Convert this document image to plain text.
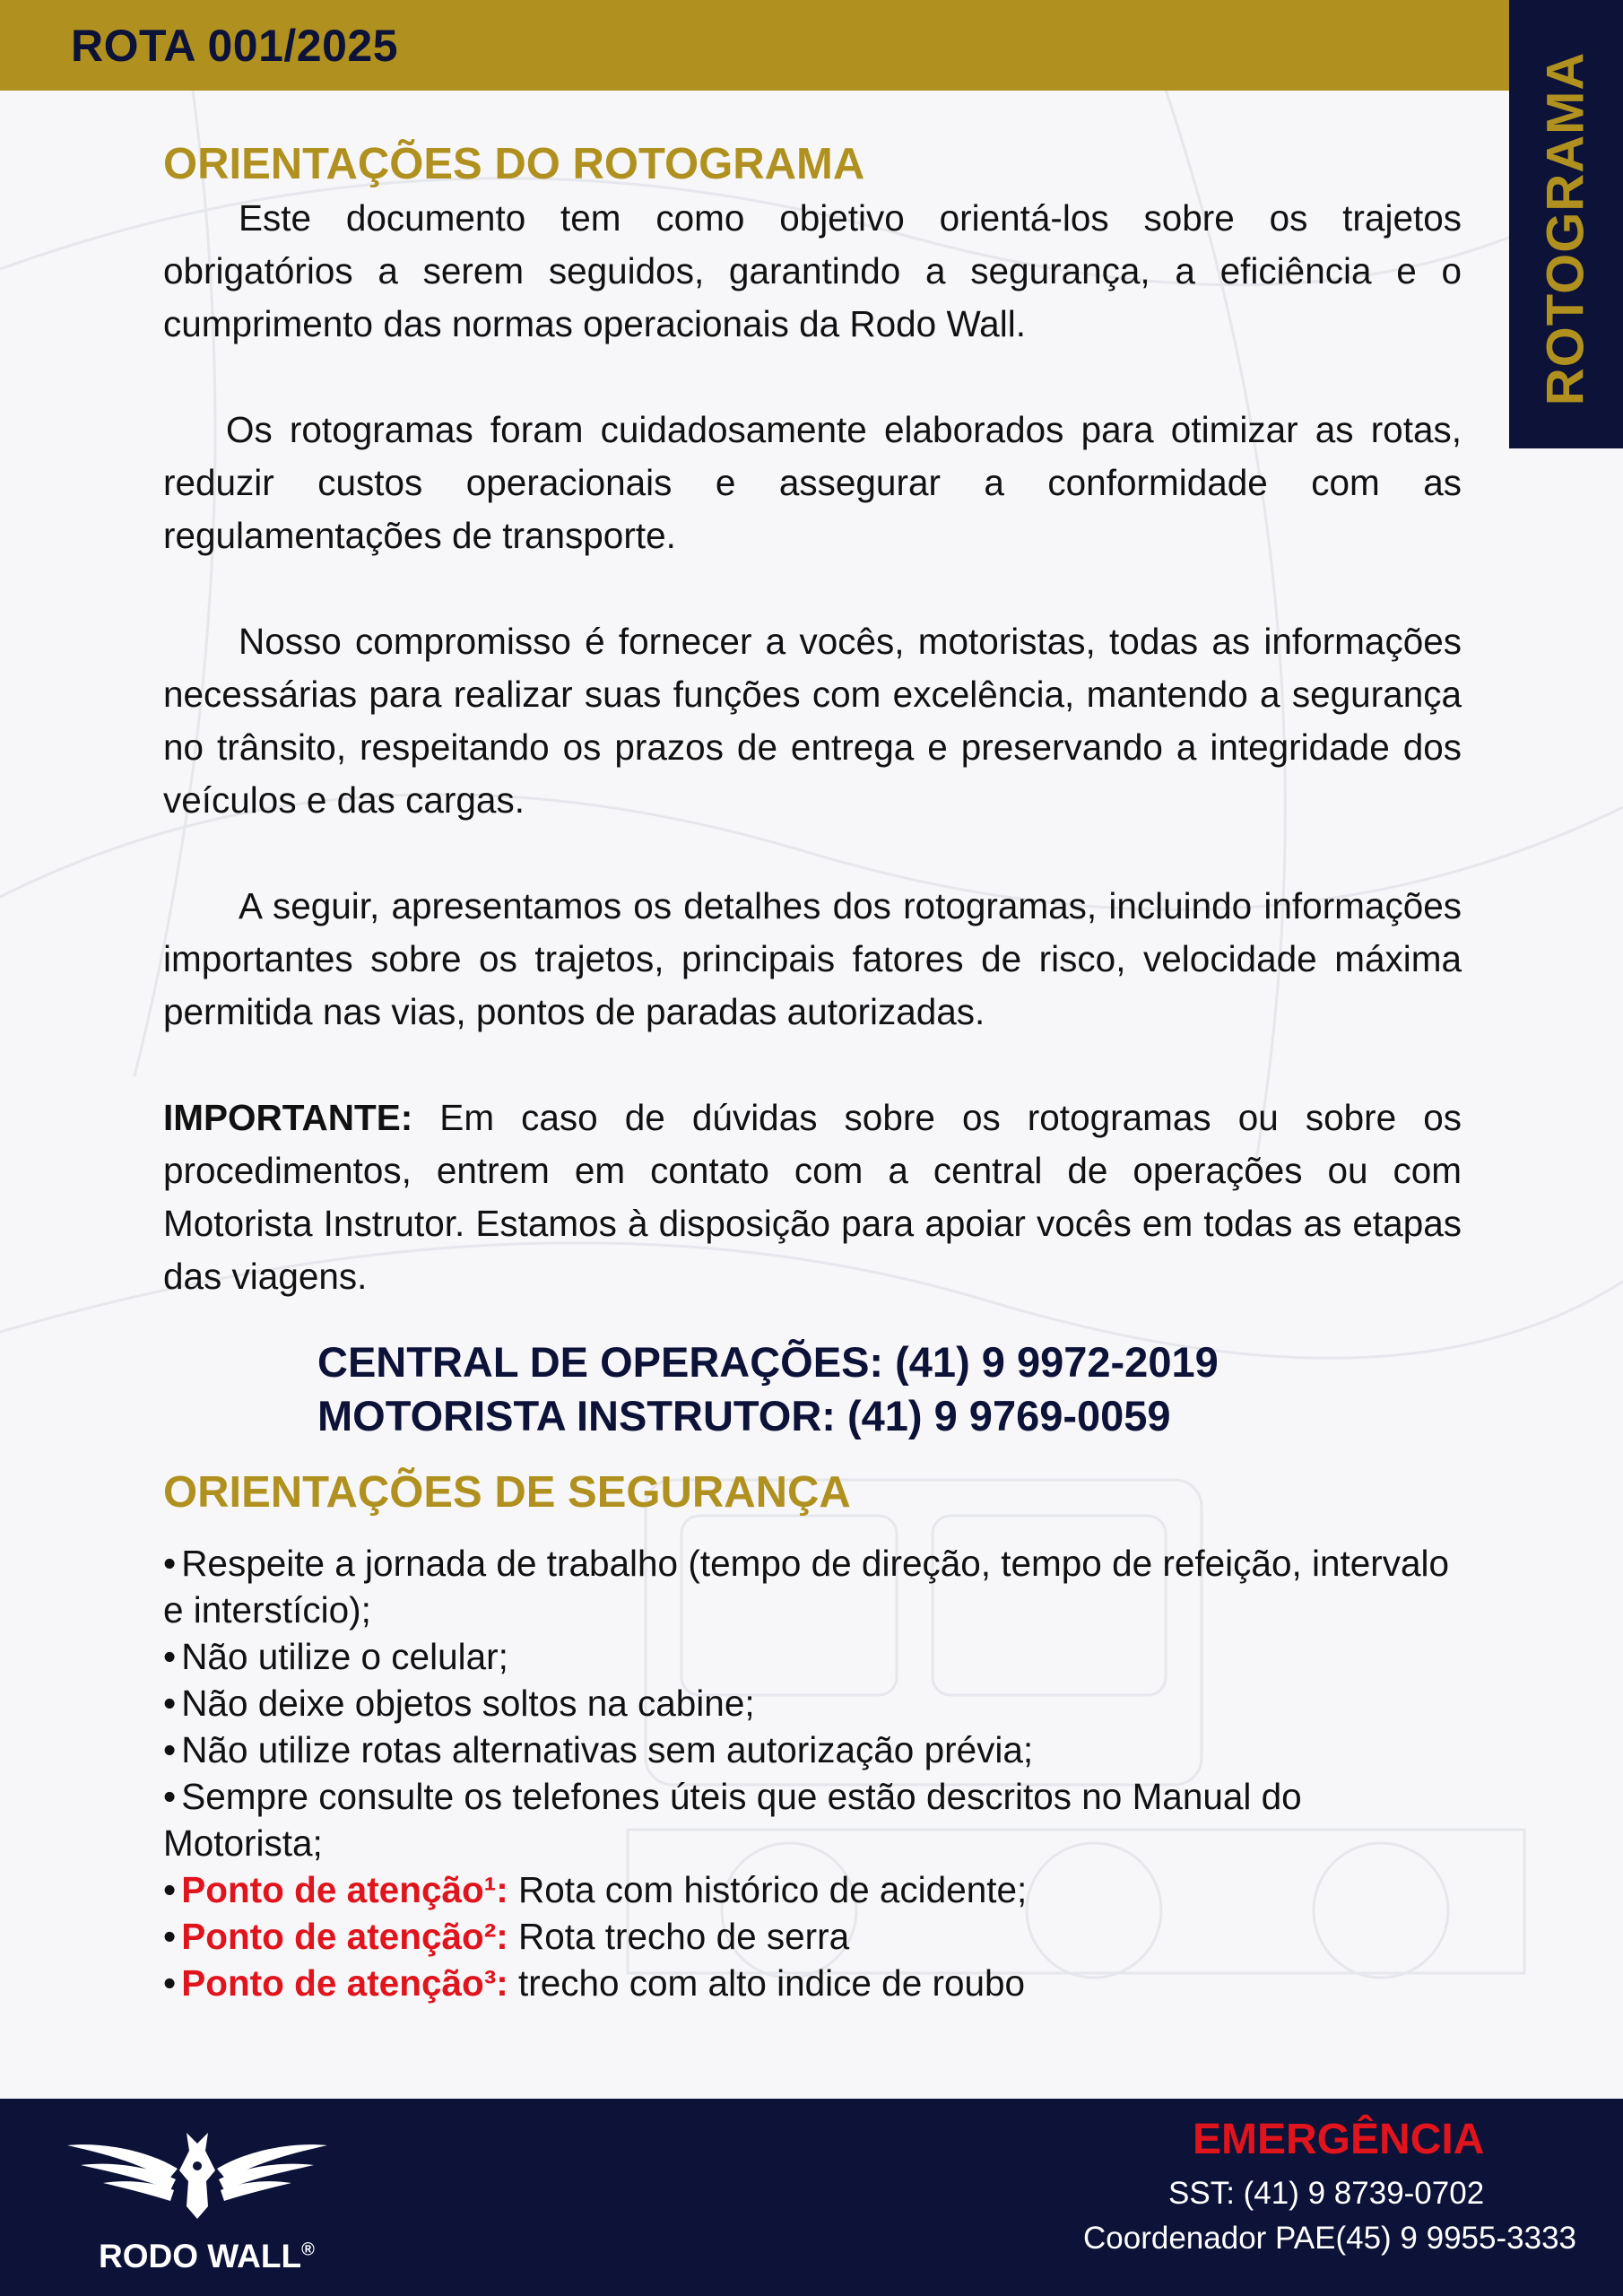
ROTA 001/2025
ROTOGRAMA
ORIENTAÇÕES DO ROTOGRAMA

Este documento tem como objetivo orientá-los sobre os trajetos obrigatórios a serem seguidos, garantindo a segurança, a eficiência e o cumprimento das normas operacionais da Rodo Wall.

Os rotogramas foram cuidadosamente elaborados para otimizar as rotas, reduzir custos operacionais e assegurar a conformidade com as regulamentações de transporte.

Nosso compromisso é fornecer a vocês, motoristas, todas as informações necessárias para realizar suas funções com excelência, mantendo a segurança no trânsito, respeitando os prazos de entrega e preservando a integridade dos veículos e das cargas.

A seguir, apresentamos os detalhes dos rotogramas, incluindo informações importantes sobre os trajetos, principais fatores de risco, velocidade máxima permitida nas vias, pontos de paradas autorizadas.

IMPORTANTE: Em caso de dúvidas sobre os rotogramas ou sobre os procedimentos, entrem em contato com a central de operações ou com Motorista Instrutor. Estamos à disposição para apoiar vocês em todas as etapas das viagens.

CENTRAL DE OPERAÇÕES: (41) 9 9972-2019
MOTORISTA INSTRUTOR: (41) 9 9769-0059
ORIENTAÇÕES DE SEGURANÇA
• Respeite a jornada de trabalho (tempo de direção, tempo de refeição, intervalo e interstício);
• Não utilize o celular;
• Não deixe objetos soltos na cabine;
• Não utilize rotas alternativas sem autorização prévia;
• Sempre consulte os telefones úteis que estão descritos no Manual do Motorista;
• Ponto de atenção¹: Rota com histórico de acidente;
• Ponto de atenção²: Rota trecho de serra
• Ponto de atenção³: trecho com alto indice de roubo
RODO WALL®
EMERGÊNCIA
SST: (41) 9 8739-0702
Coordenador PAE(45) 9 9955-3333
